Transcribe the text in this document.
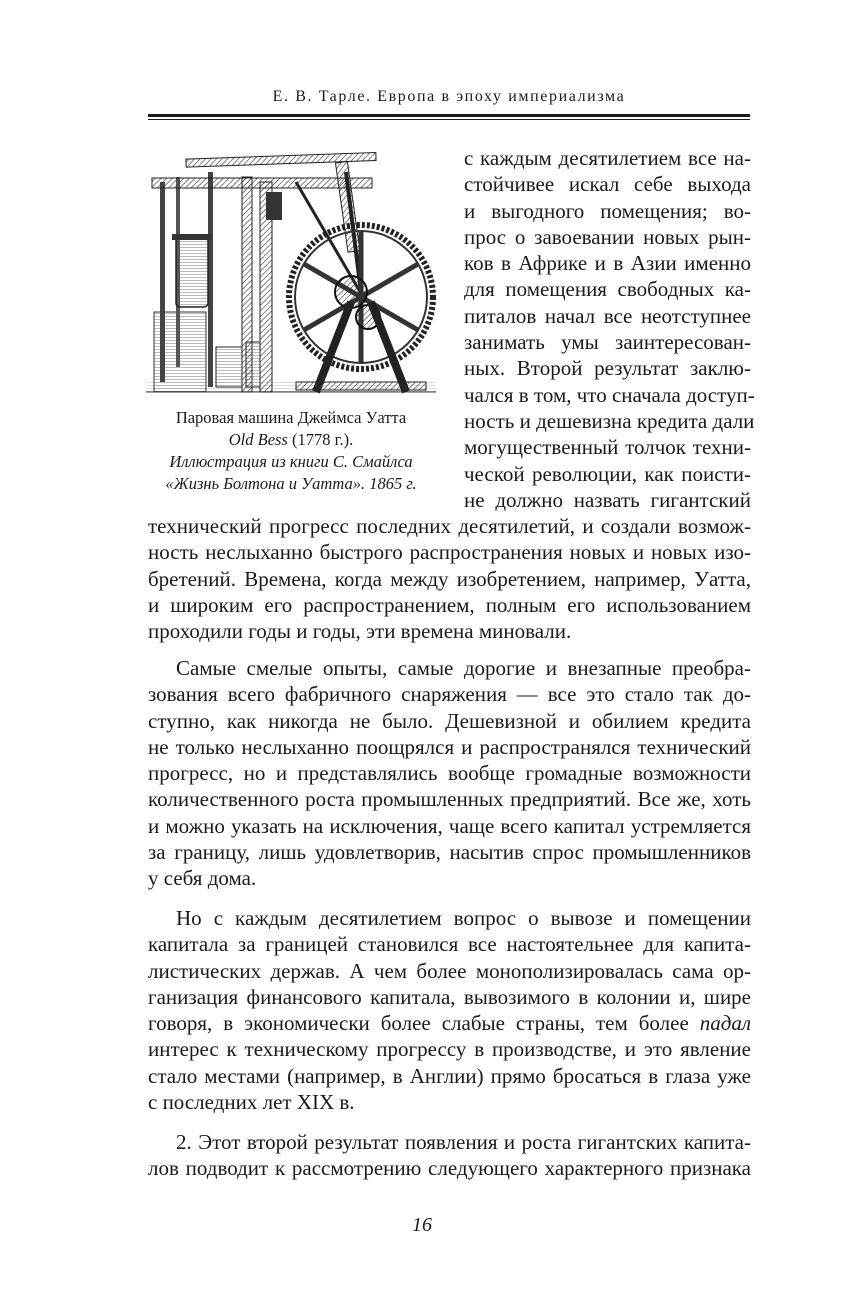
Е. В. Тарле. Европа в эпоху империализма
Паровая машина Джеймса Уатта
Old Bess (1778 г.).
Иллюстрация из книги С. Смайлса
«Жизнь Болтона и Уатта». 1865 г.
с каждым десятилетием все на-
стойчивее искал себе выхода
и выгодного помещения; во-
прос о завоевании новых рын-
ков в Африке и в Азии именно
для помещения свободных ка-
питалов начал все неотступнее
занимать умы заинтересован-
ных. Второй результат заклю-
чался в том, что сначала доступ-
ность и дешевизна кредита дали
могущественный толчок техни-
ческой революции, как поисти-
не должно назвать гигантский
технический прогресс последних десятилетий, и создали возмож-
ность неслыханно быстрого распространения новых и новых изо-
бретений. Времена, когда между изобретением, например, Уатта,
и широким его распространением, полным его использованием
проходили годы и годы, эти времена миновали.
Самые смелые опыты, самые дорогие и внезапные преобра-
зования всего фабричного снаряжения — все это стало так до-
ступно, как никогда не было. Дешевизной и обилием кредита
не только неслыханно поощрялся и распространялся технический
прогресс, но и представлялись вообще громадные возможности
количественного роста промышленных предприятий. Все же, хоть
и можно указать на исключения, чаще всего капитал устремляется
за границу, лишь удовлетворив, насытив спрос промышленников
у себя дома.
Но с каждым десятилетием вопрос о вывозе и помещении
капитала за границей становился все настоятельнее для капита-
листических держав. А чем более монополизировалась сама ор-
ганизация финансового капитала, вывозимого в колонии и, шире
говоря, в экономически более слабые страны, тем более падал
интерес к техническому прогрессу в производстве, и это явление
стало местами (например, в Англии) прямо бросаться в глаза уже
с последних лет XIX в.
2. Этот второй результат появления и роста гигантских капита-
лов подводит к рассмотрению следующего характерного признака
16
